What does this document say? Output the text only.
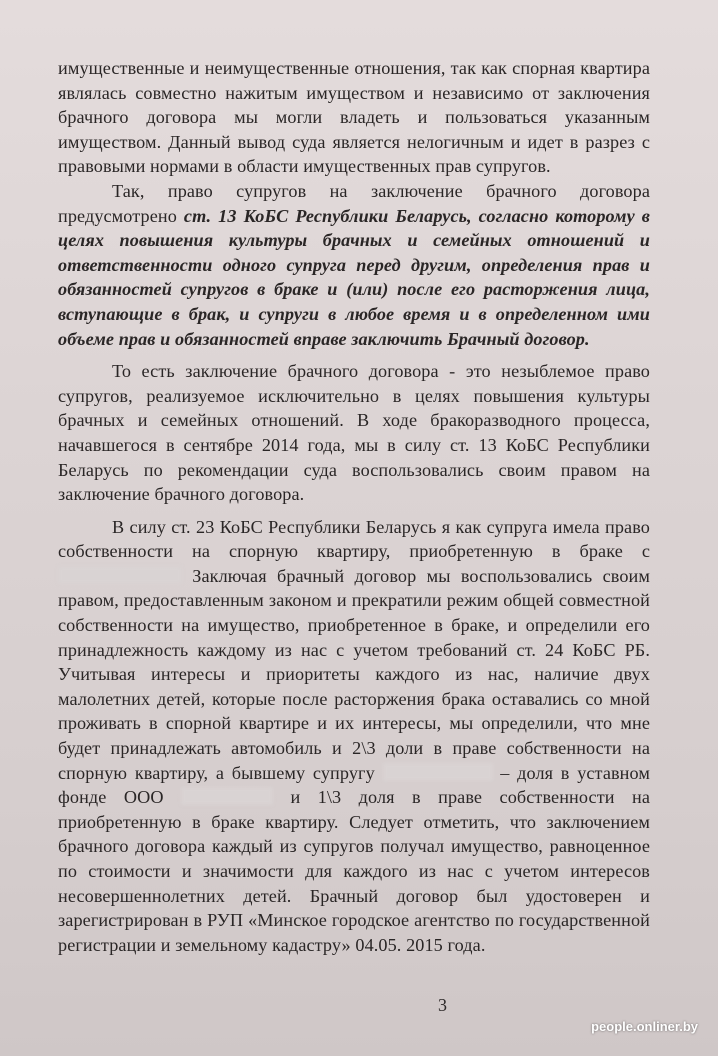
имущественные и неимущественные отношения, так как спорная квартира являлась совместно нажитым имуществом и независимо от заключения брачного договора мы могли владеть и пользоваться указанным имуществом. Данный вывод суда является нелогичным и идет в разрез с правовыми нормами в области имущественных прав супругов.

Так, право супругов на заключение брачного договора предусмотрено ст. 13 КоБС Республики Беларусь, согласно которому в целях повышения культуры брачных и семейных отношений и ответственности одного супруга перед другим, определения прав и обязанностей супругов в браке и (или) после его расторжения лица, вступающие в брак, и супруги в любое время и в определенном ими объеме прав и обязанностей вправе заключить Брачный договор.

То есть заключение брачного договора - это незыблемое право супругов, реализуемое исключительно в целях повышения культуры брачных и семейных отношений. В ходе бракоразводного процесса, начавшегося в сентябре 2014 года, мы в силу ст. 13 КоБС Республики Беларусь по рекомендации суда воспользовались своим правом на заключение брачного договора.

В силу ст. 23 КоБС Республики Беларусь я как супруга имела право собственности на спорную квартиру, приобретенную в браке с  Заключая брачный договор мы воспользовались своим правом, предоставленным законом и прекратили режим общей совместной собственности на имущество, приобретенное в браке, и определили его принадлежность каждому из нас с учетом требований ст. 24 КоБС РБ. Учитывая интересы и приоритеты каждого из нас, наличие двух малолетних детей, которые после расторжения брака оставались со мной проживать в спорной квартире и их интересы, мы определили, что мне будет принадлежать автомобиль и 2\3 доли в праве собственности на спорную квартиру, а бывшему супругу	– доля в уставном фонде ООО	и 1\3 доля в праве собственности на приобретенную в браке квартиру. Следует отметить, что заключением брачного договора каждый из супругов получал имущество, равноценное по стоимости и значимости для каждого из нас с учетом интересов несовершеннолетних детей. Брачный договор был удостоверен и зарегистрирован в РУП «Минское городское агентство по государственной регистрации и земельному кадастру» 04.05. 2015 года.

3
people.onliner.by
